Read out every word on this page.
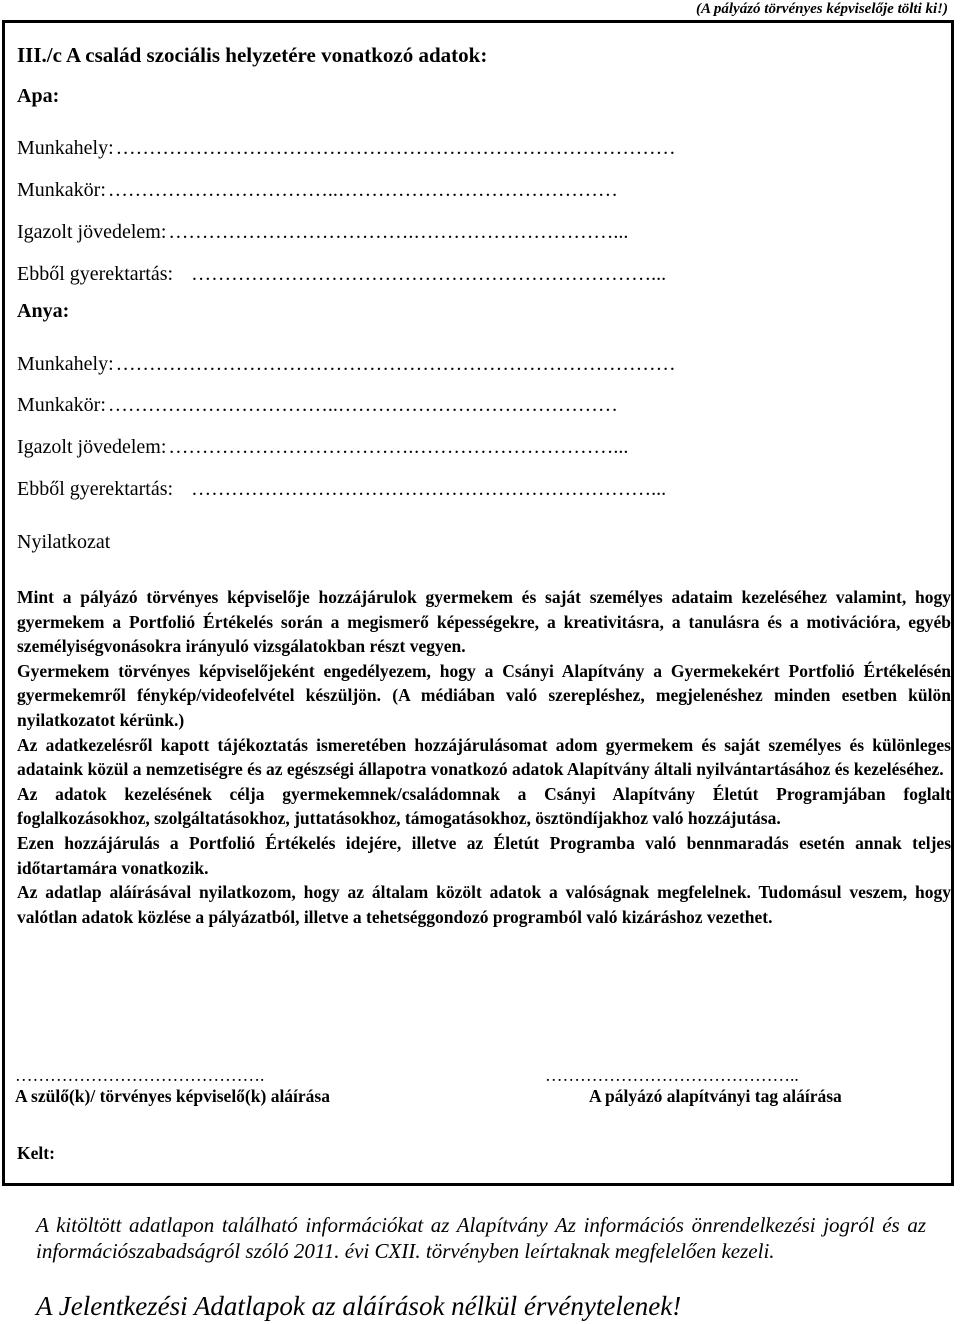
(A pályázó törvényes képviselője tölti ki!)
III./c A család szociális helyzetére vonatkozó adatok:
Apa:
Munkahely: …………………………………………………………………………
Munkakör: ……………………………..……………………………………
Igazolt jövedelem: ……………………………….…………………………...
Ebből gyerektartás: ……………………………………………………………...
Anya:
Munkahely: …………………………………………………………………………
Munkakör: ……………………………..……………………………………
Igazolt jövedelem: ……………………………….…………………………...
Ebből gyerektartás: ……………………………………………………………...
Nyilatkozat

Mint a pályázó törvényes képviselője hozzájárulok gyermekem és saját személyes adataim kezeléséhez valamint, hogy gyermekem a Portfolió Értékelés során a megismerő képességekre, a kreativitásra, a tanulásra és a motivációra, egyéb személyiségvonásokra irányuló vizsgálatokban részt vegyen.

Gyermekem törvényes képviselőjeként engedélyezem, hogy a Csányi Alapítvány a Gyermekekért Portfolió Értékelésén gyermekemről fénykép/videofelvétel készüljön. (A médiában való szerepléshez, megjelenéshez minden esetben külön nyilatkozatot kérünk.)

Az adatkezelésről kapott tájékoztatás ismeretében hozzájárulásomat adom gyermekem és saját személyes és különleges adataink közül a nemzetiségre és az egészségi állapotra vonatkozó adatok Alapítvány általi nyilvántartásához és kezeléséhez.

Az adatok kezelésének célja gyermekemnek/családomnak a Csányi Alapítvány Életút Programjában foglalt foglalkozásokhoz, szolgáltatásokhoz, juttatásokhoz, támogatásokhoz, ösztöndíjakhoz való hozzájutása.

Ezen hozzájárulás a Portfolió Értékelés idejére, illetve az Életút Programba való bennmaradás esetén annak teljes időtartamára vonatkozik.

Az adatlap aláírásával nyilatkozom, hogy az általam közölt adatok a valóságnak megfelelnek. Tudomásul veszem, hogy valótlan adatok közlése a pályázatból, illetve a tehetséggondozó programból való kizáráshoz vezethet.

…………………………………….
A szülő(k)/ törvényes képviselő(k) aláírása
……………………………………..
A pályázó alapítványi tag aláírása
Kelt:
A kitöltött adatlapon található információkat az Alapítvány Az információs önrendelkezési jogról és az információszabadságról szóló 2011. évi CXII. törvényben leírtaknak megfelelően kezeli.
A Jelentkezési Adatlapok az aláírások nélkül érvénytelenek!
